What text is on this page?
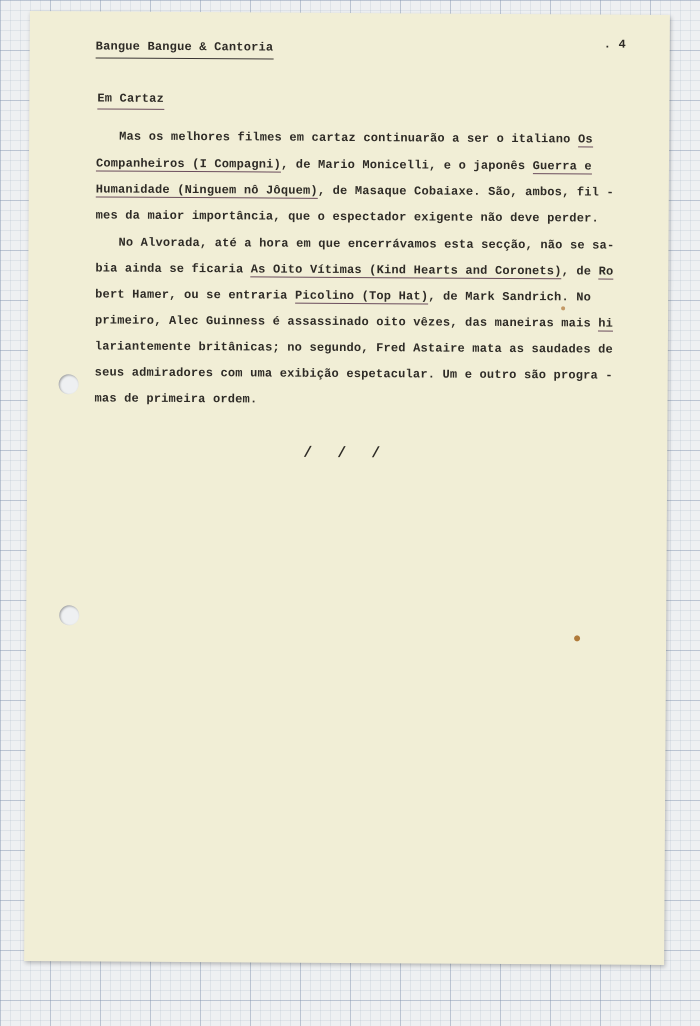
Bangue Bangue & Cantoria	. 4
Em Cartaz
Mas os melhores filmes em cartaz continuarão a ser o italiano Os
Companheiros (I Compagni), de Mario Monicelli, e o japonês Guerra e
Humanidade (Ninguem nô Jôquem), de Masaque Cobaiaxe. São, ambos, fil -
mes da maior importância, que o espectador exigente não deve perder.
No Alvorada, até a hora em que encerrávamos esta secção, não se sa-
bia ainda se ficaria As Oito Vítimas (Kind Hearts and Coronets), de Ro
bert Hamer, ou se entraria Picolino (Top Hat), de Mark Sandrich. No
primeiro, Alec Guinness é assassinado oito vêzes, das maneiras mais hi
lariantemente britânicas; no segundo, Fred Astaire mata as saudades de
seus admiradores com uma exibição espetacular. Um e outro são progra -
mas de primeira ordem.
/ / /
